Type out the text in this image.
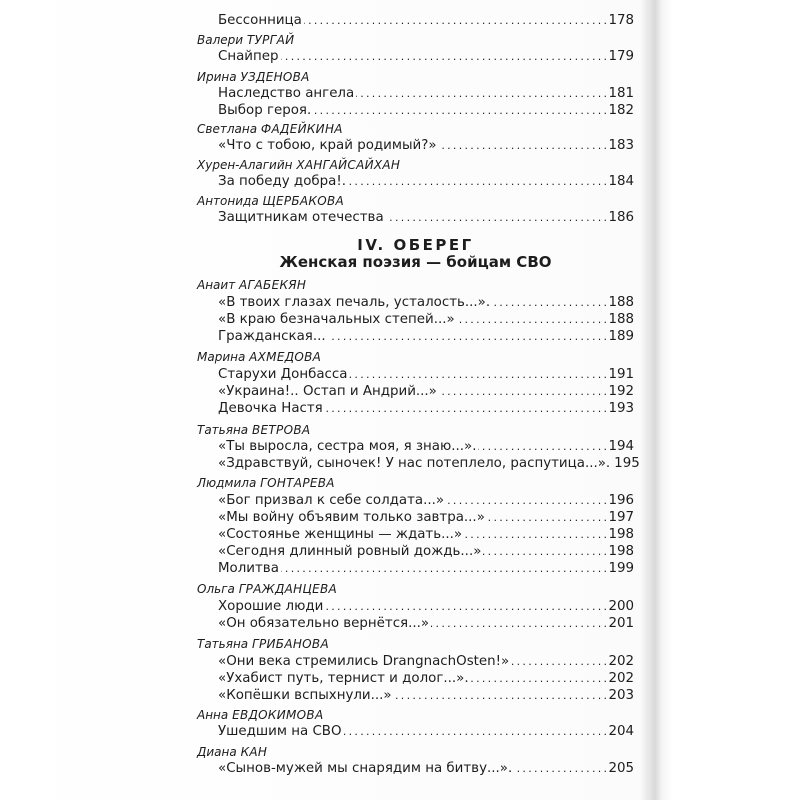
Бессонница . . .	178
Валери ТУРГАЙ
Снайпер . . .	179
Ирина УЗДЕНОВА
Наследство ангела . . .	181
Выбор героя. . . .	182
Светлана ФАДЕЙКИНА
«Что с тобою, край родимый?» . . .	183
Хурен-Алагийн ХАНГАЙСАЙХАН
За победу добра!. . . .	184
Антонида ЩЕРБАКОВА
Защитникам отечества . . .	186
IV. ОБЕРЕГ
Женская поэзия — бойцам СВО
Анаит АГАБЕКЯН
«В твоих глазах печаль, усталость...». . . .	188
«В краю безначальных степей...» . . .	188
Гражданская... . . .	189
Марина АХМЕДОВА
Старухи Донбасса . . .	191
«Украина!.. Остап и Андрий...» . . .	192
Девочка Настя . . .	193
Татьяна ВЕТРОВА
«Ты выросла, сестра моя, я знаю...». . . .	194
«Здравствуй, сыночек! У нас потеплело, распутица...». 195
Людмила ГОНТАРЕВА
«Бог призвал к себе солдата...» . . .	196
«Мы войну объявим только завтра...» . . .	197
«Состоянье женщины — ждать...» . . .	198
«Сегодня длинный ровный дождь...» . . .	198
Молитва . . .	199
Ольга ГРАЖДАНЦЕВА
Хорошие люди . . .	200
«Он обязательно вернётся...» . . .	201
Татьяна ГРИБАНОВА
«Они века стремились DrangnachOsten!» . . .	202
«Ухабист путь, тернист и долог...». . . .	202
«Копёшки вспыхнули...» . . .	203
Анна ЕВДОКИМОВА
Ушедшим на СВО . . .	204
Диана КАН
«Сынов-мужей мы снарядим на битву...». . . .	205
